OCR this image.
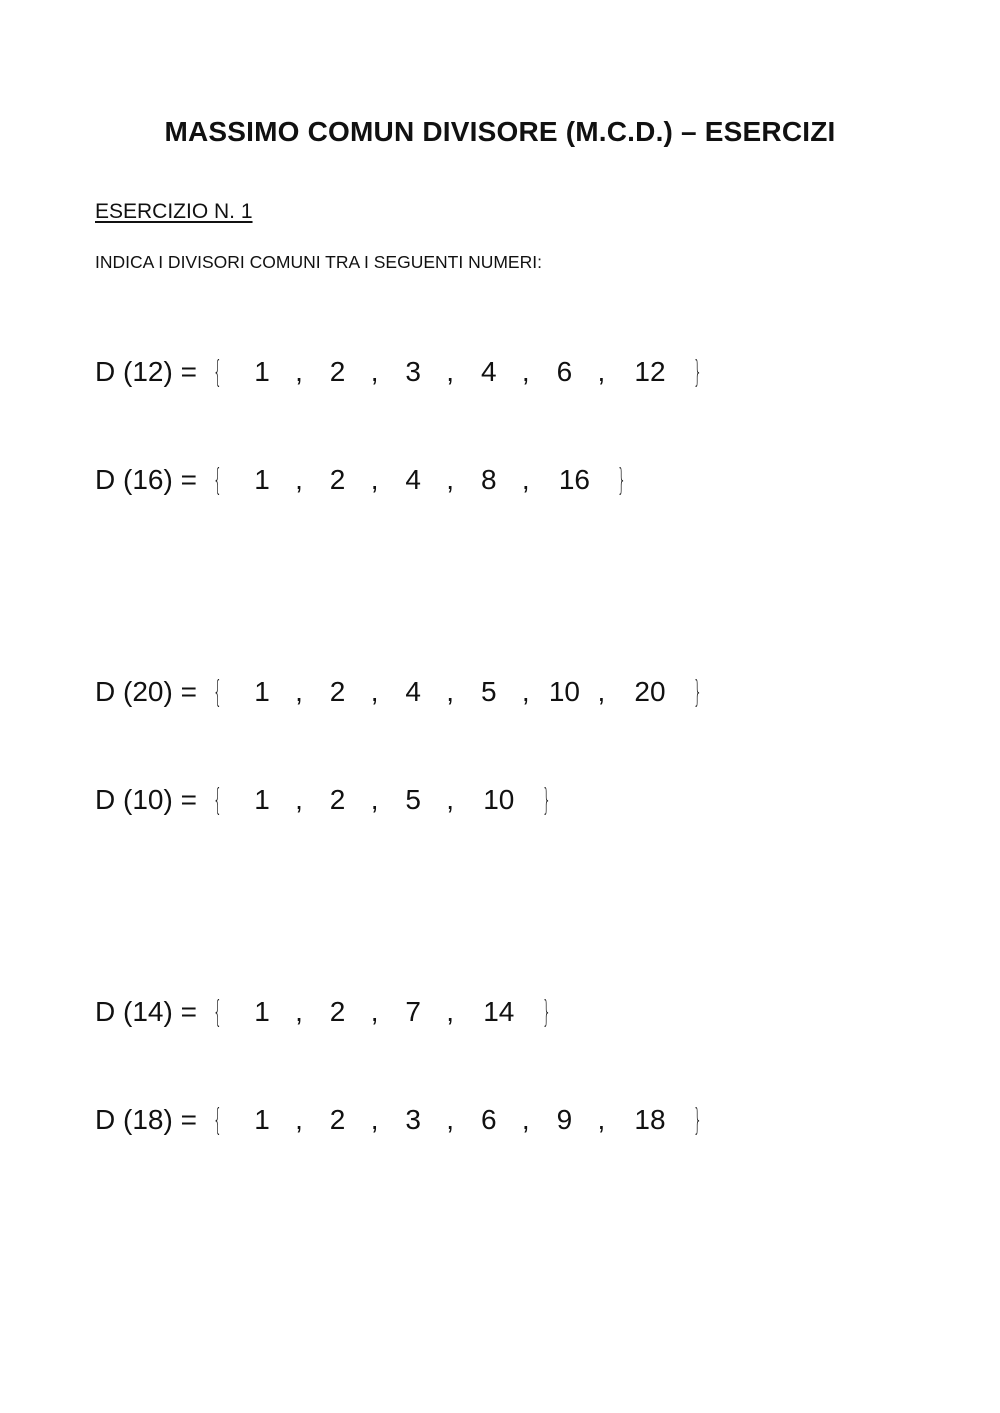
MASSIMO COMUN DIVISORE (M.C.D.) – ESERCIZI
ESERCIZIO N. 1
INDICA I DIVISORI COMUNI TRA I SEGUENTI NUMERI:
D (12) = {	1 , 2 , 3 , 4 , 6 ,	12 }
D (16) = {	1 , 2 , 4 , 8 ,	16 }
D (20) = {	1 , 2 , 4 , 5 , 10 ,	20 }
D (10) = {	1 , 2 , 5 ,	10 }
D (14) = {	1 , 2 , 7 ,	14 }
D (18) = {	1 , 2 , 3 , 6 , 9 ,	18 }
